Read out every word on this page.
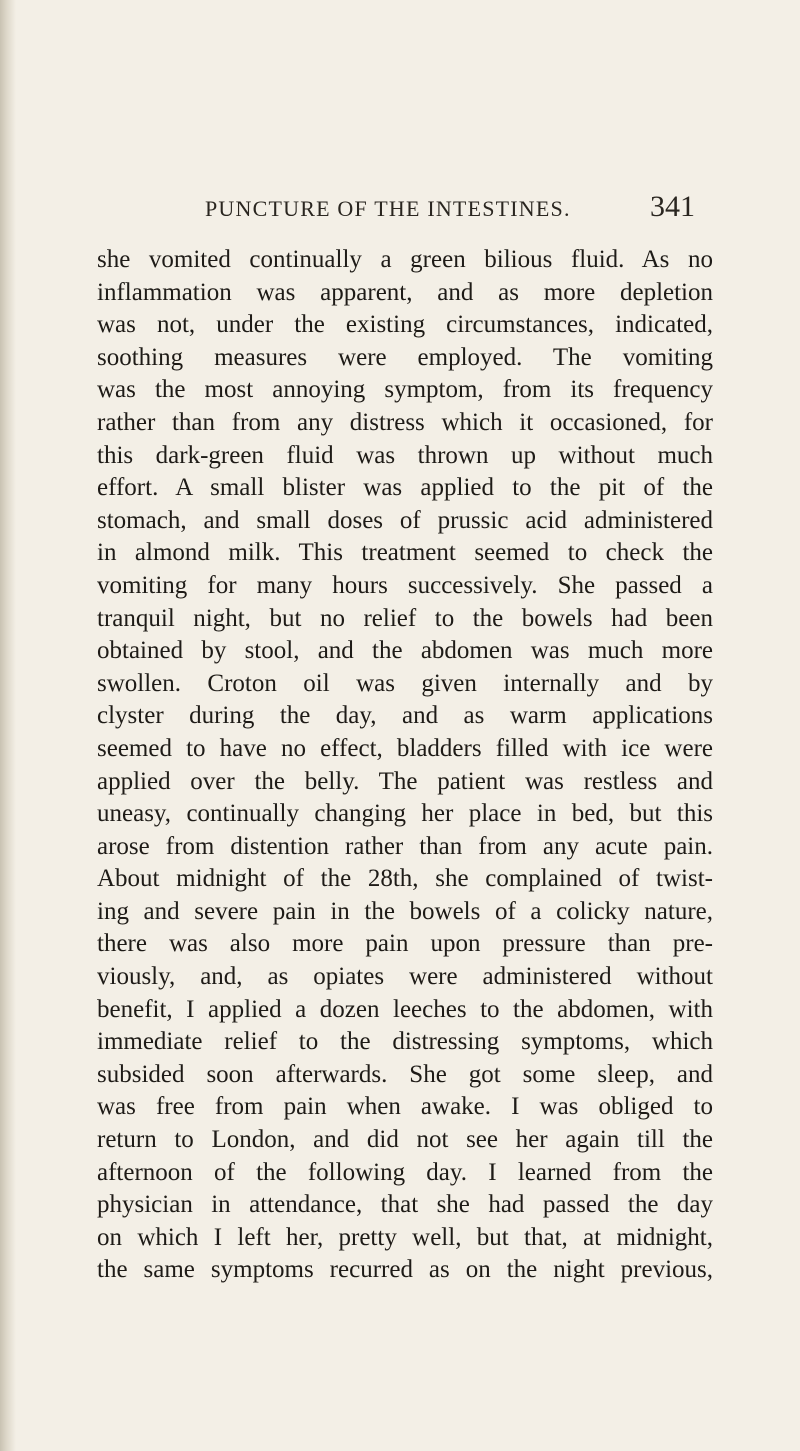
PUNCTURE OF THE INTESTINES.	341
she vomited continually a green bilious fluid. As no
inflammation was apparent, and as more depletion
was not, under the existing circumstances, indicated,
soothing measures were employed. The vomiting
was the most annoying symptom, from its frequency
rather than from any distress which it occasioned, for
this dark-green fluid was thrown up without much
effort. A small blister was applied to the pit of the
stomach, and small doses of prussic acid administered
in almond milk. This treatment seemed to check the
vomiting for many hours successively. She passed a
tranquil night, but no relief to the bowels had been
obtained by stool, and the abdomen was much more
swollen. Croton oil was given internally and by
clyster during the day, and as warm applications
seemed to have no effect, bladders filled with ice were
applied over the belly. The patient was restless and
uneasy, continually changing her place in bed, but this
arose from distention rather than from any acute pain.
About midnight of the 28th, she complained of twist-
ing and severe pain in the bowels of a colicky nature,
there was also more pain upon pressure than pre-
viously, and, as opiates were administered without
benefit, I applied a dozen leeches to the abdomen, with
immediate relief to the distressing symptoms, which
subsided soon afterwards. She got some sleep, and
was free from pain when awake. I was obliged to
return to London, and did not see her again till the
afternoon of the following day. I learned from the
physician in attendance, that she had passed the day
on which I left her, pretty well, but that, at midnight,
the same symptoms recurred as on the night previous,
